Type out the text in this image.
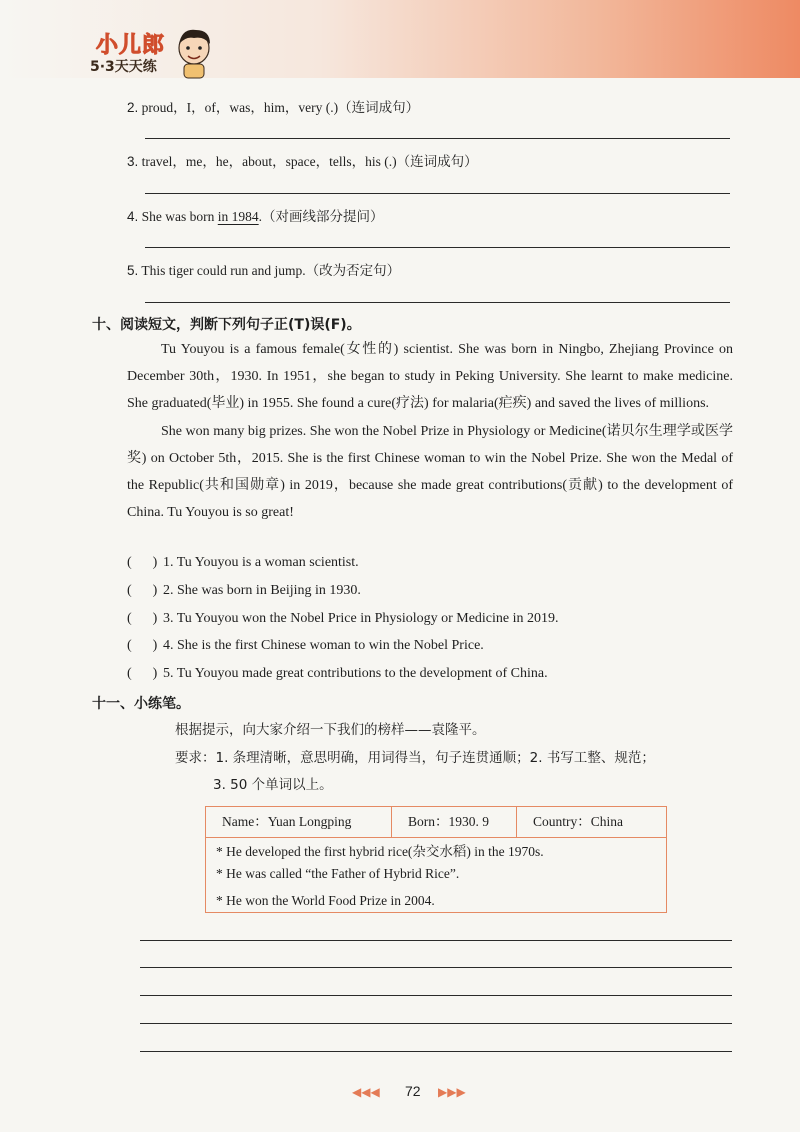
小儿郎
5·3天天练
2. proud，I，of，was，him，very (.)（连词成句）
3. travel，me，he，about，space，tells，his (.)（连词成句）
4. She was born in 1984.（对画线部分提问）
5. This tiger could run and jump.（改为否定句）
十、阅读短文，判断下列句子正(T)误(F)。

Tu Youyou is a famous female(女性的) scientist. She was born in Ningbo, Zhejiang Province on December 30th，1930. In 1951，she began to study in Peking University. She learnt to make medicine. She graduated(毕业) in 1955. She found a cure(疗法) for malaria(疟疾) and saved the lives of millions.

She won many big prizes. She won the Nobel Prize in Physiology or Medicine(诺贝尔生理学或医学奖) on October 5th，2015. She is the first Chinese woman to win the Nobel Prize. She won the Medal of the Republic(共和国勋章) in 2019，because she made great contributions(贡献) to the development of China. Tu Youyou is so great!

(      ) 1. Tu Youyou is a woman scientist.
(      ) 2. She was born in Beijing in 1930.
(      ) 3. Tu Youyou won the Nobel Price in Physiology or Medicine in 2019.
(      ) 4. She is the first Chinese woman to win the Nobel Price.
(      ) 5. Tu Youyou made great contributions to the development of China.
十一、小练笔。
根据提示，向大家介绍一下我们的榜样——袁隆平。
要求：1. 条理清晰，意思明确，用词得当，句子连贯通顺；2. 书写工整、规范；
3. 50 个单词以上。
Name：Yuan Longping	Born：1930. 9	Country：China
* He developed the first hybrid rice(杂交水稻) in the 1970s.
* He was called “the Father of Hybrid Rice”.
* He won the World Food Prize in 2004.
◀◀◀ 72 ▶▶▶
